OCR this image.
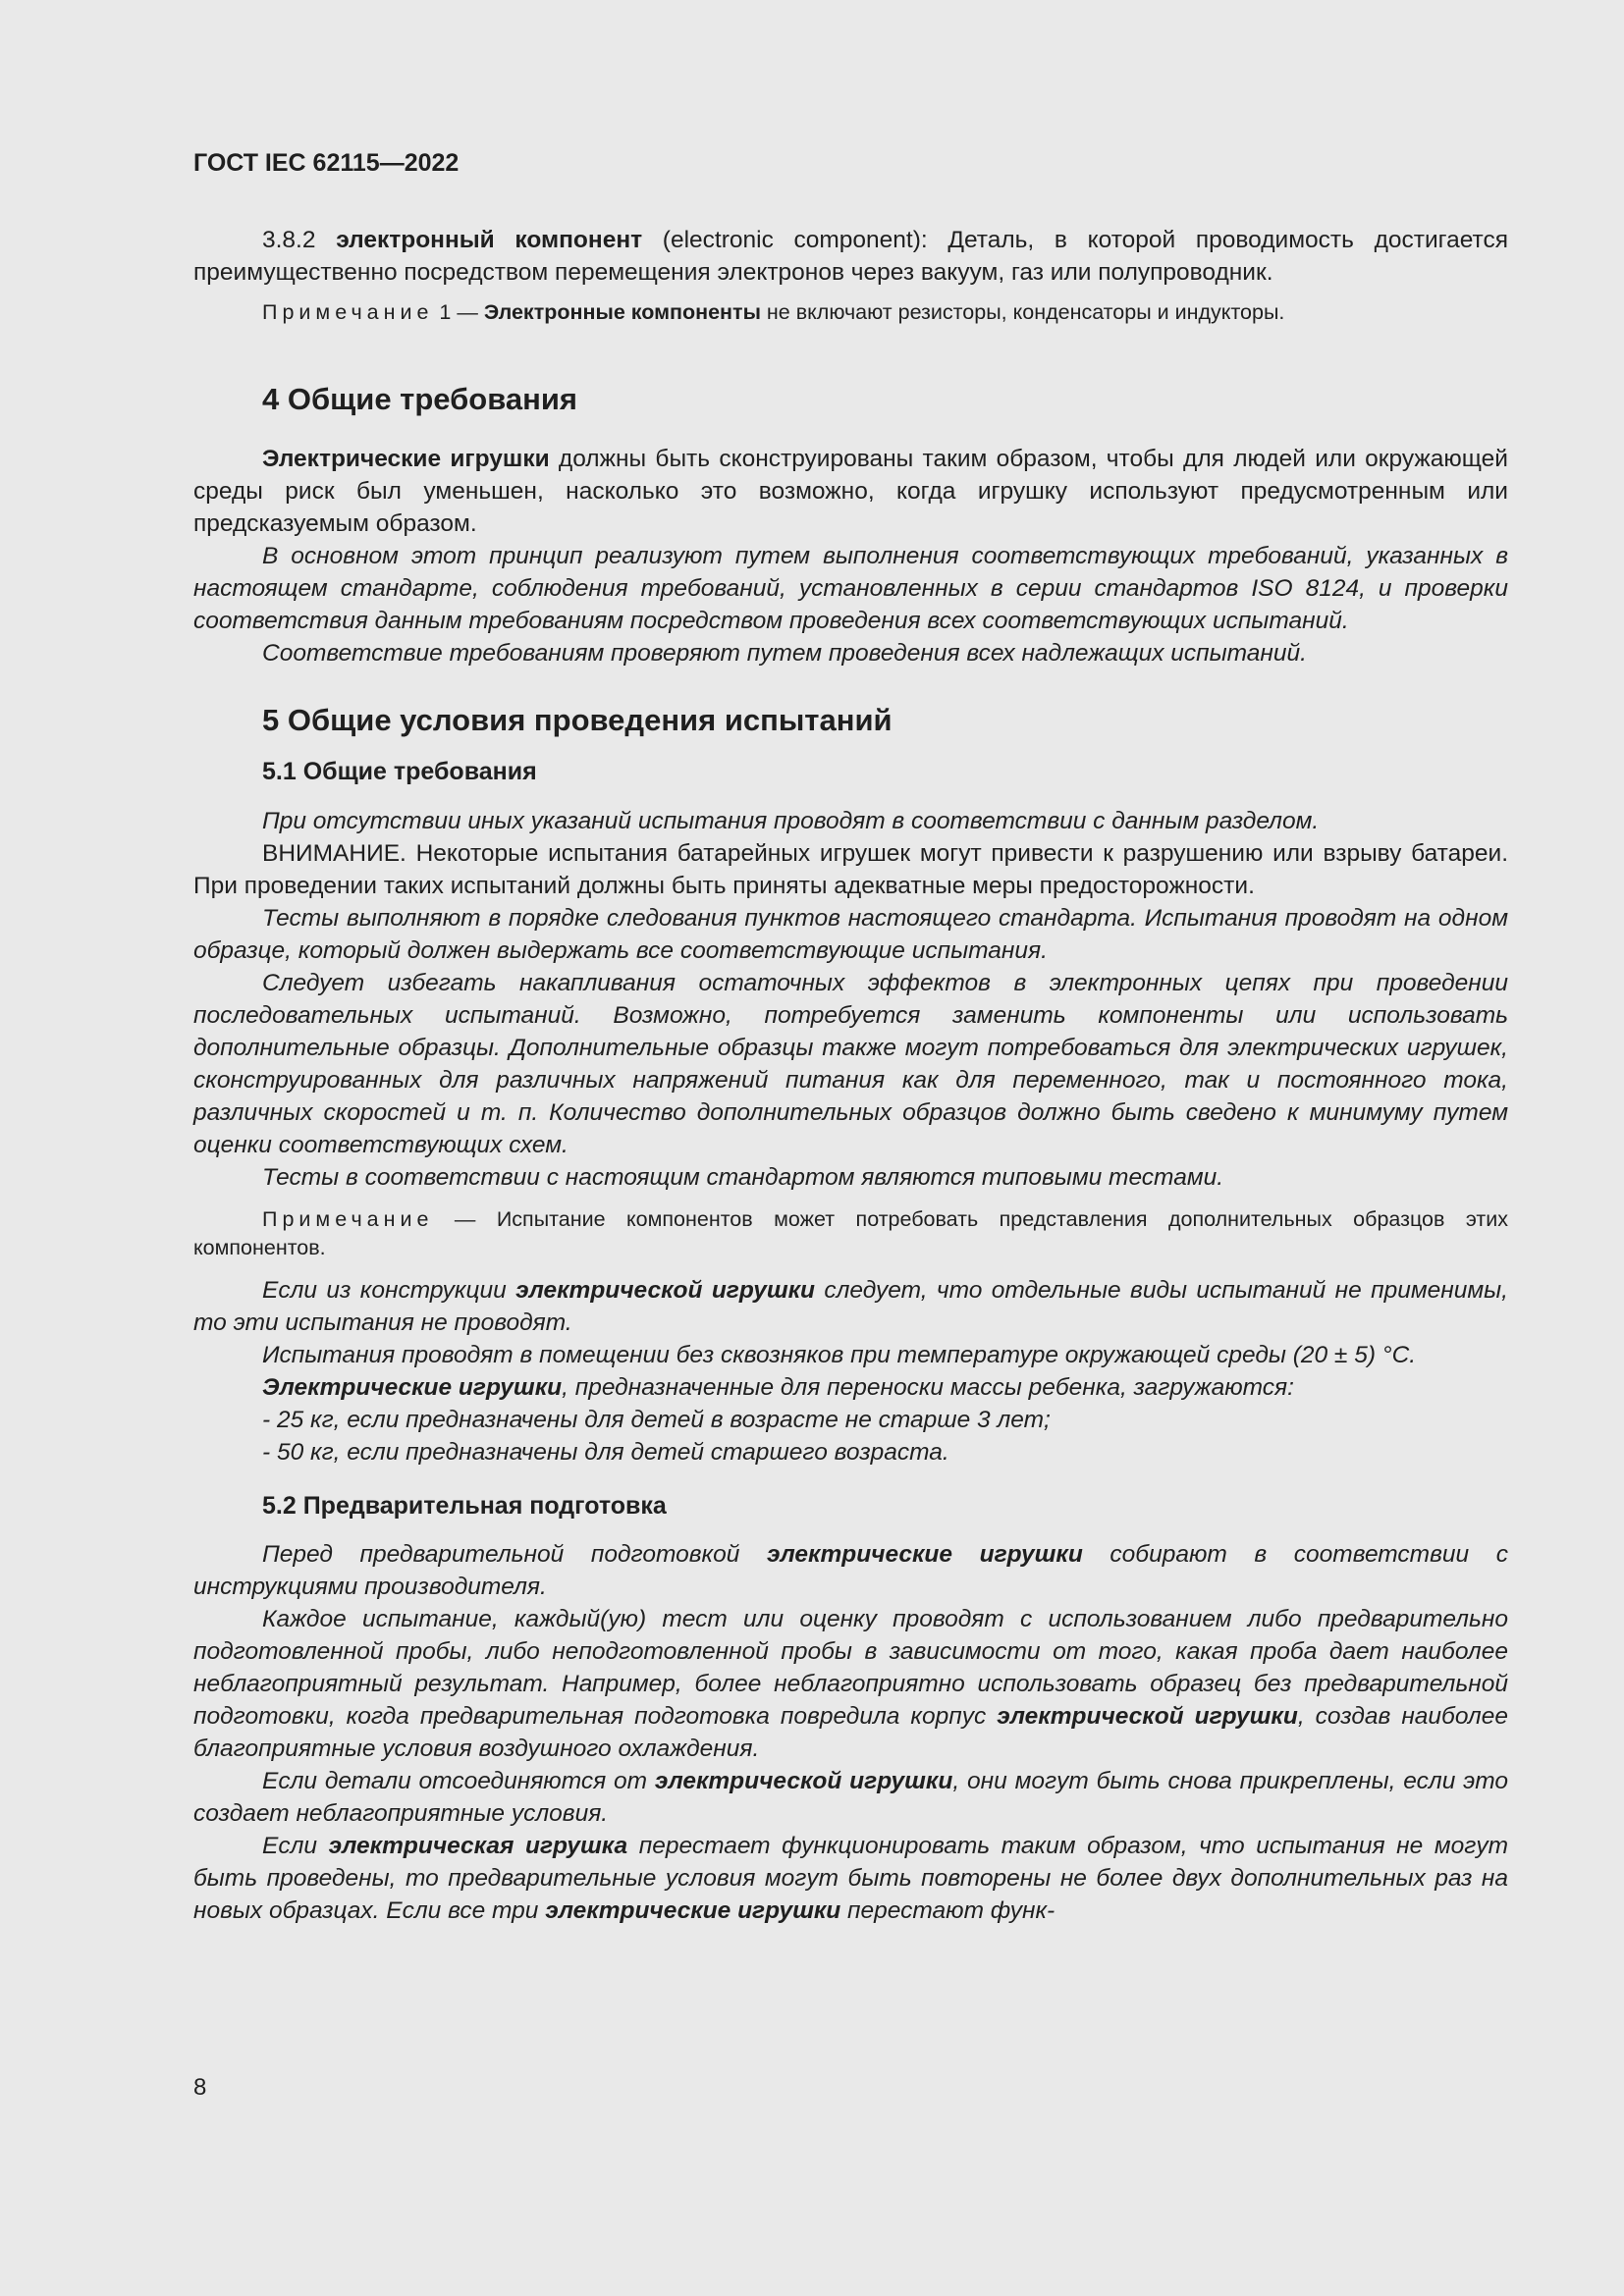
ГОСТ IEC 62115—2022

3.8.2 электронный компонент (electronic component): Деталь, в которой проводимость достигается преимущественно посредством перемещения электронов через вакуум, газ или полупроводник.

Примечание 1 — Электронные компоненты не включают резисторы, конденсаторы и индукторы.

4 Общие требования

Электрические игрушки должны быть сконструированы таким образом, чтобы для людей или окружающей среды риск был уменьшен, насколько это возможно, когда игрушку используют предусмотренным или предсказуемым образом.

В основном этот принцип реализуют путем выполнения соответствующих требований, указанных в настоящем стандарте, соблюдения требований, установленных в серии стандартов ISO 8124, и проверки соответствия данным требованиям посредством проведения всех соответствующих испытаний.

Соответствие требованиям проверяют путем проведения всех надлежащих испытаний.

5 Общие условия проведения испытаний
5.1 Общие требования

При отсутствии иных указаний испытания проводят в соответствии с данным разделом.

ВНИМАНИЕ. Некоторые испытания батарейных игрушек могут привести к разрушению или взрыву батареи. При проведении таких испытаний должны быть приняты адекватные меры предосторожности.

Тесты выполняют в порядке следования пунктов настоящего стандарта. Испытания проводят на одном образце, который должен выдержать все соответствующие испытания.

Следует избегать накапливания остаточных эффектов в электронных цепях при проведении последовательных испытаний. Возможно, потребуется заменить компоненты или использовать дополнительные образцы. Дополнительные образцы также могут потребоваться для электрических игрушек, сконструированных для различных напряжений питания как для переменного, так и постоянного тока, различных скоростей и т. п. Количество дополнительных образцов должно быть сведено к минимуму путем оценки соответствующих схем.

Тесты в соответствии с настоящим стандартом являются типовыми тестами.

Примечание — Испытание компонентов может потребовать представления дополнительных образцов этих компонентов.

Если из конструкции электрической игрушки следует, что отдельные виды испытаний не применимы, то эти испытания не проводят.

Испытания проводят в помещении без сквозняков при температуре окружающей среды (20 ± 5) °C.

Электрические игрушки, предназначенные для переноски массы ребенка, загружаются:

- 25 кг, если предназначены для детей в возрасте не старше 3 лет;

- 50 кг, если предназначены для детей старшего возраста.

5.2 Предварительная подготовка

Перед предварительной подготовкой электрические игрушки собирают в соответствии с инструкциями производителя.

Каждое испытание, каждый(ую) тест или оценку проводят с использованием либо предварительно подготовленной пробы, либо неподготовленной пробы в зависимости от того, какая проба дает наиболее неблагоприятный результат. Например, более неблагоприятно использовать образец без предварительной подготовки, когда предварительная подготовка повредила корпус электрической игрушки, создав наиболее благоприятные условия воздушного охлаждения.

Если детали отсоединяются от электрической игрушки, они могут быть снова прикреплены, если это создает неблагоприятные условия.

Если электрическая игрушка перестает функционировать таким образом, что испытания не могут быть проведены, то предварительные условия могут быть повторены не более двух дополнительных раз на новых образцах. Если все три электрические игрушки перестают функ-

8
